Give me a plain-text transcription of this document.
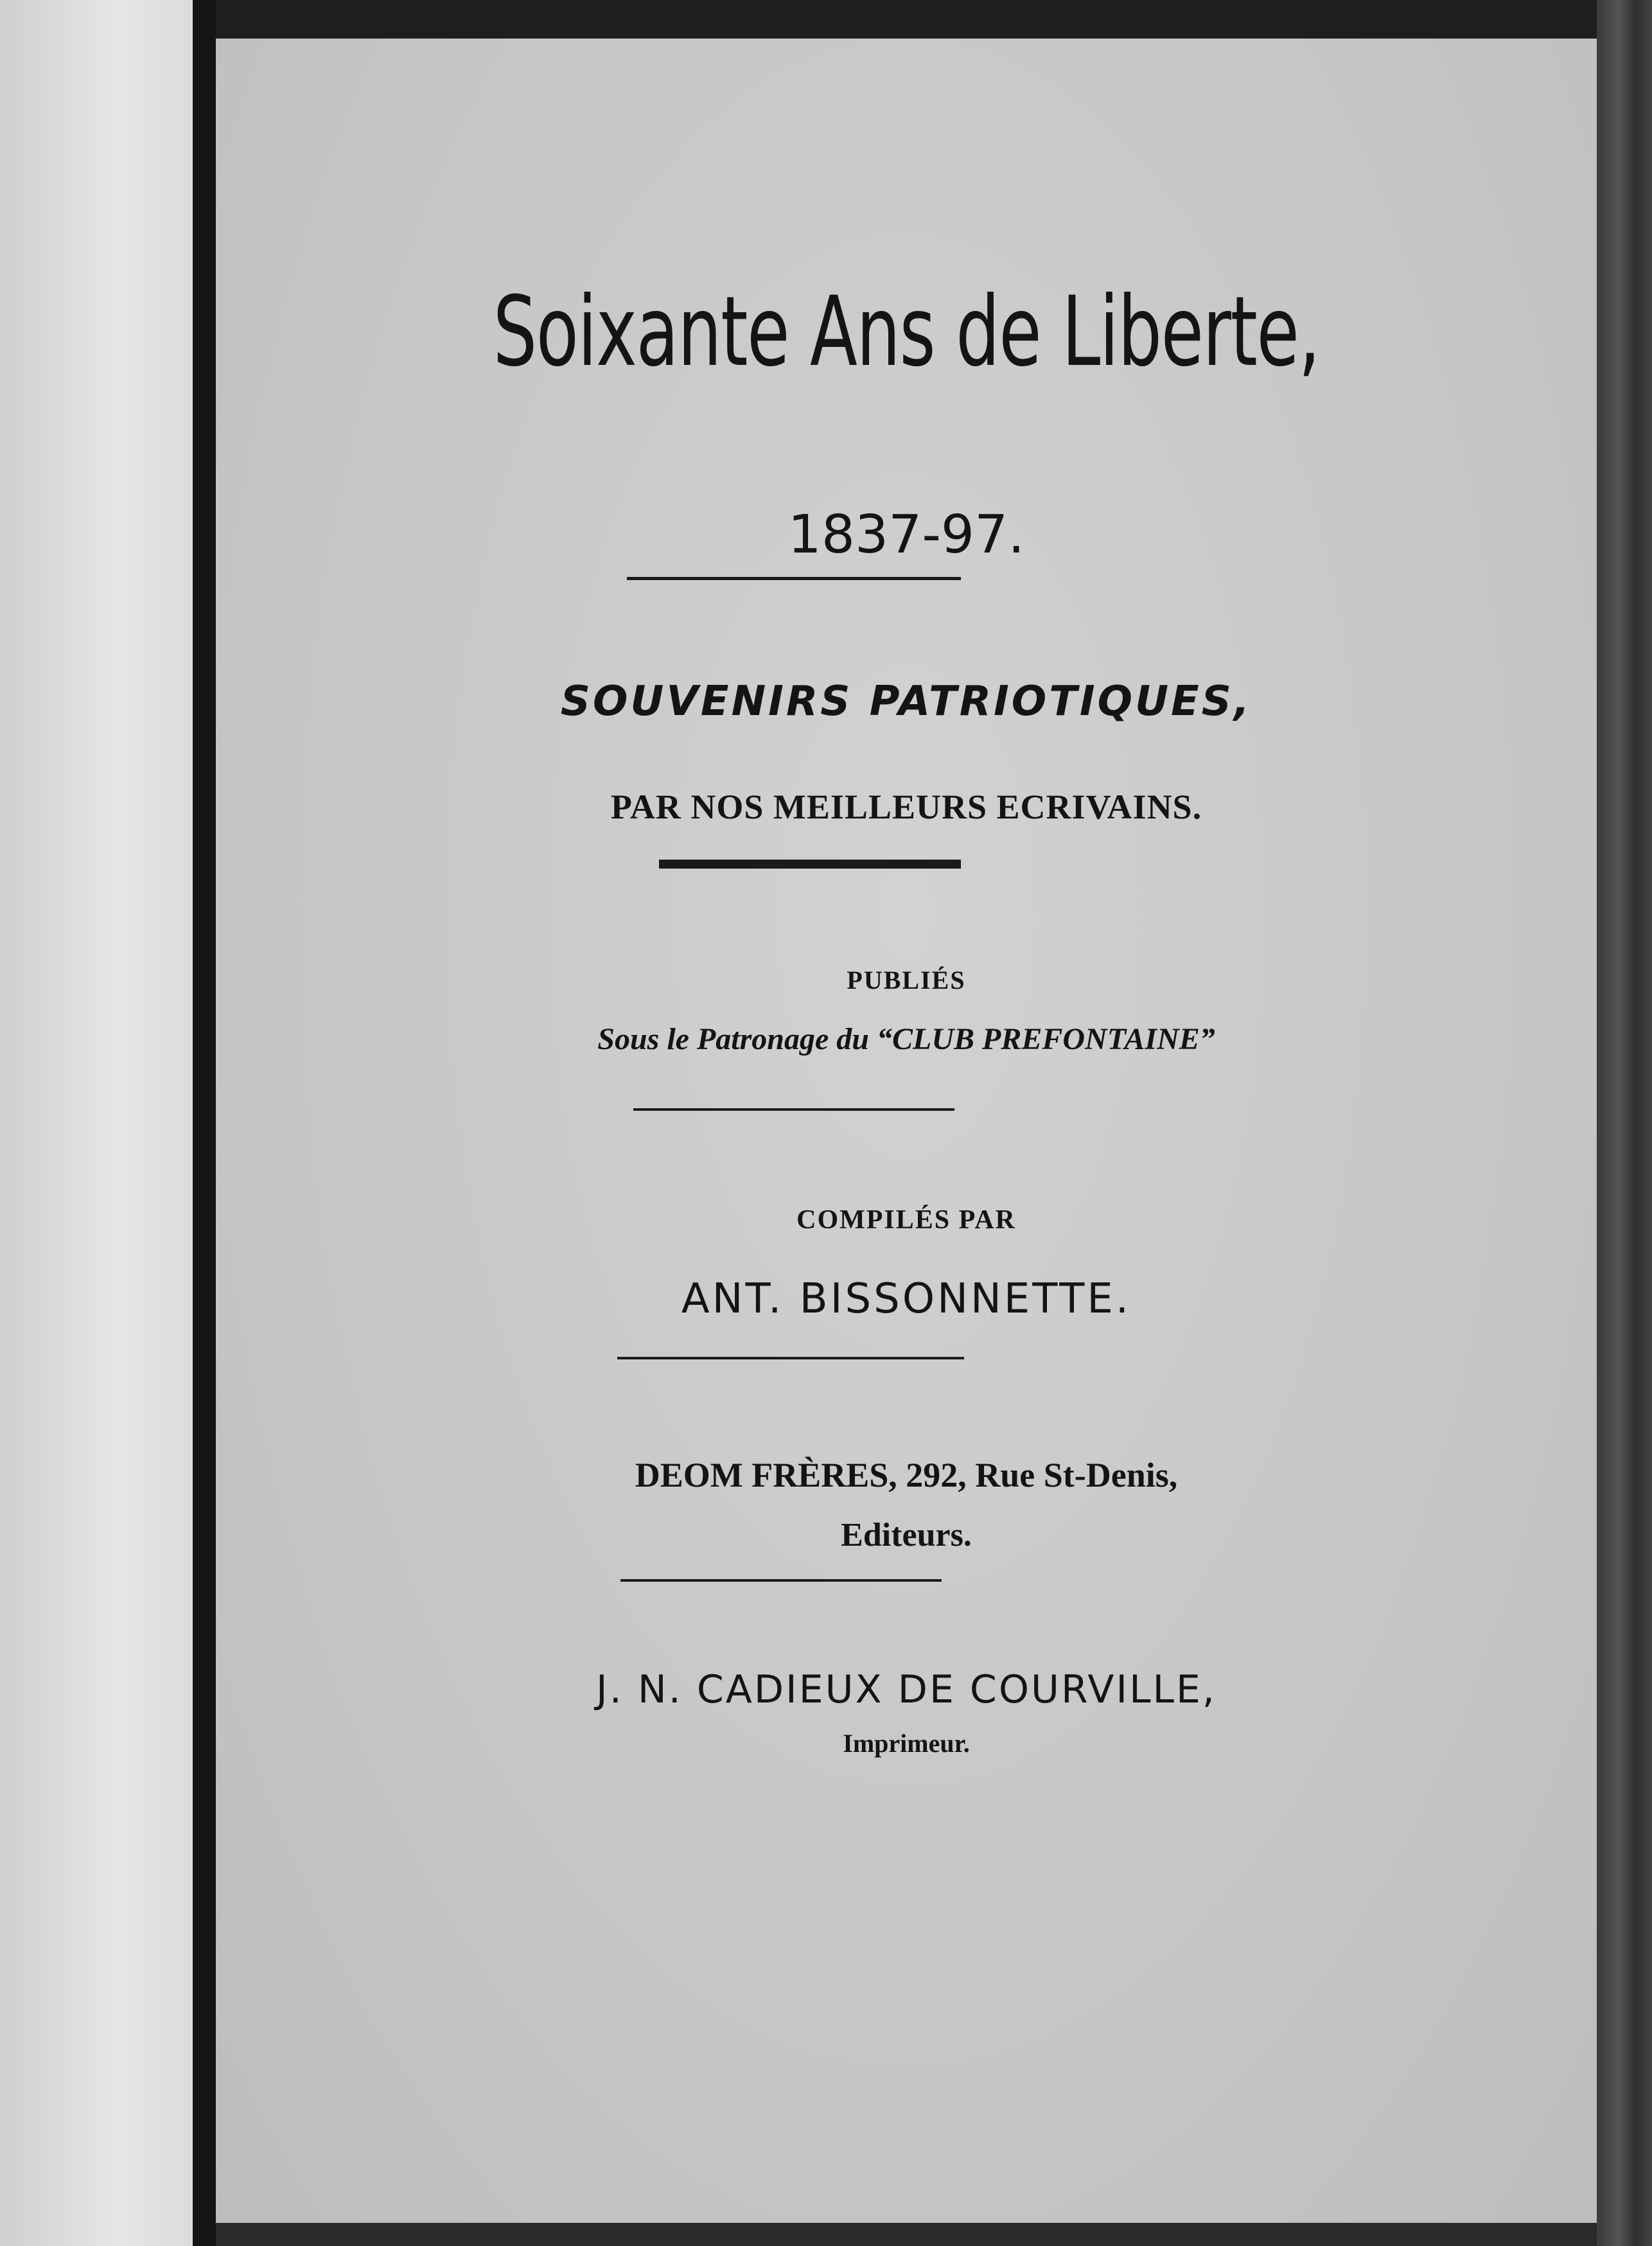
Soixante Ans de Liberte,
1837-97.
SOUVENIRS PATRIOTIQUES,
PAR NOS MEILLEURS ECRIVAINS.
PUBLIÉS
Sous le Patronage du “CLUB PREFONTAINE”
COMPILÉS PAR
ANT. BISSONNETTE.
DEOM FRÈRES, 292, Rue St-Denis,
Editeurs.
J. N. CADIEUX DE COURVILLE,
Imprimeur.
